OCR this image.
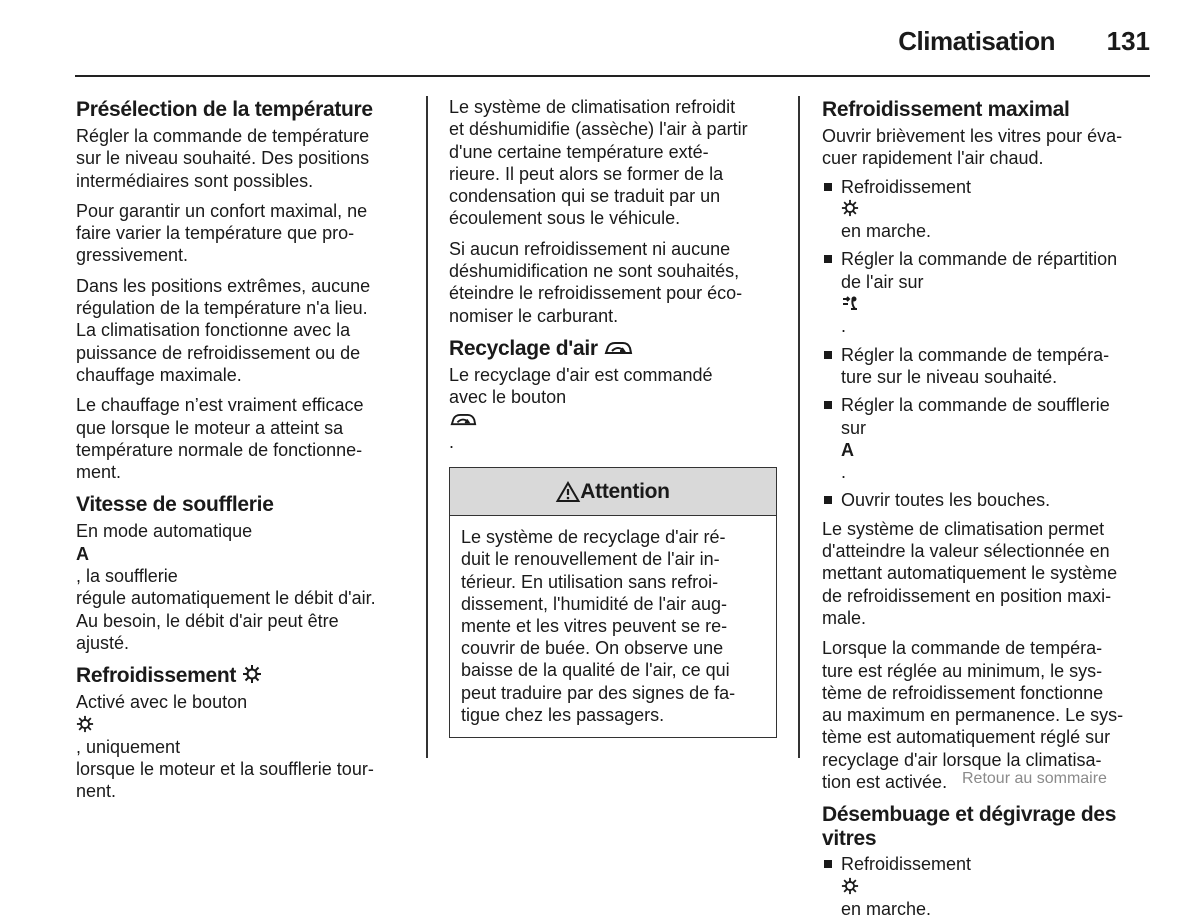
Climatisation 131
Présélection de la température

Régler la commande de température
sur le niveau souhaité. Des positions
intermédiaires sont possibles.

Pour garantir un confort maximal, ne
faire varier la température que pro-
gressivement.

Dans les positions extrêmes, aucune
régulation de la température n'a lieu.
La climatisation fonctionne avec la
puissance de refroidissement ou de
chauffage maximale.

Le chauffage n’est vraiment efficace
que lorsque le moteur a atteint sa
température normale de fonctionne-
ment.

Vitesse de soufflerie

En mode automatique
A
, la soufflerie
régule automatiquement le débit d'air.
Au besoin, le débit d'air peut être
ajusté.

Refroidissement

Activé avec le bouton
, uniquement
lorsque le moteur et la soufflerie tour-
nent.

Le système de climatisation refroidit
et déshumidifie (assèche) l'air à partir
d'une certaine température exté-
rieure. Il peut alors se former de la
condensation qui se traduit par un
écoulement sous le véhicule.

Si aucun refroidissement ni aucune
déshumidification ne sont souhaités,
éteindre le refroidissement pour éco-
nomiser le carburant.

Recyclage d'air

Le recyclage d'air est commandé
avec le bouton
.

Attention
Le système de recyclage d'air ré-
duit le renouvellement de l'air in-
térieur. En utilisation sans refroi-
dissement, l'humidité de l'air aug-
mente et les vitres peuvent se re-
couvrir de buée. On observe une
baisse de la qualité de l'air, ce qui
peut traduire par des signes de fa-
tigue chez les passagers.
Refroidissement maximal

Ouvrir brièvement les vitres pour éva-
cuer rapidement l'air chaud.

Refroidissement
en marche.
Régler la commande de répartition
de l'air sur
.
Régler la commande de tempéra-
ture sur le niveau souhaité.
Régler la commande de soufflerie
sur
A
.
Ouvrir toutes les bouches.

Le système de climatisation permet
d'atteindre la valeur sélectionnée en
mettant automatiquement le système
de refroidissement en position maxi-
male.

Lorsque la commande de tempéra-
ture est réglée au minimum, le sys-
tème de refroidissement fonctionne
au maximum en permanence. Le sys-
tème est automatiquement réglé sur
recyclage d'air lorsque la climatisa-
tion est activée.

Désembuage et dégivrage des
vitres
Refroidissement
en marche.
Retour au sommaire
